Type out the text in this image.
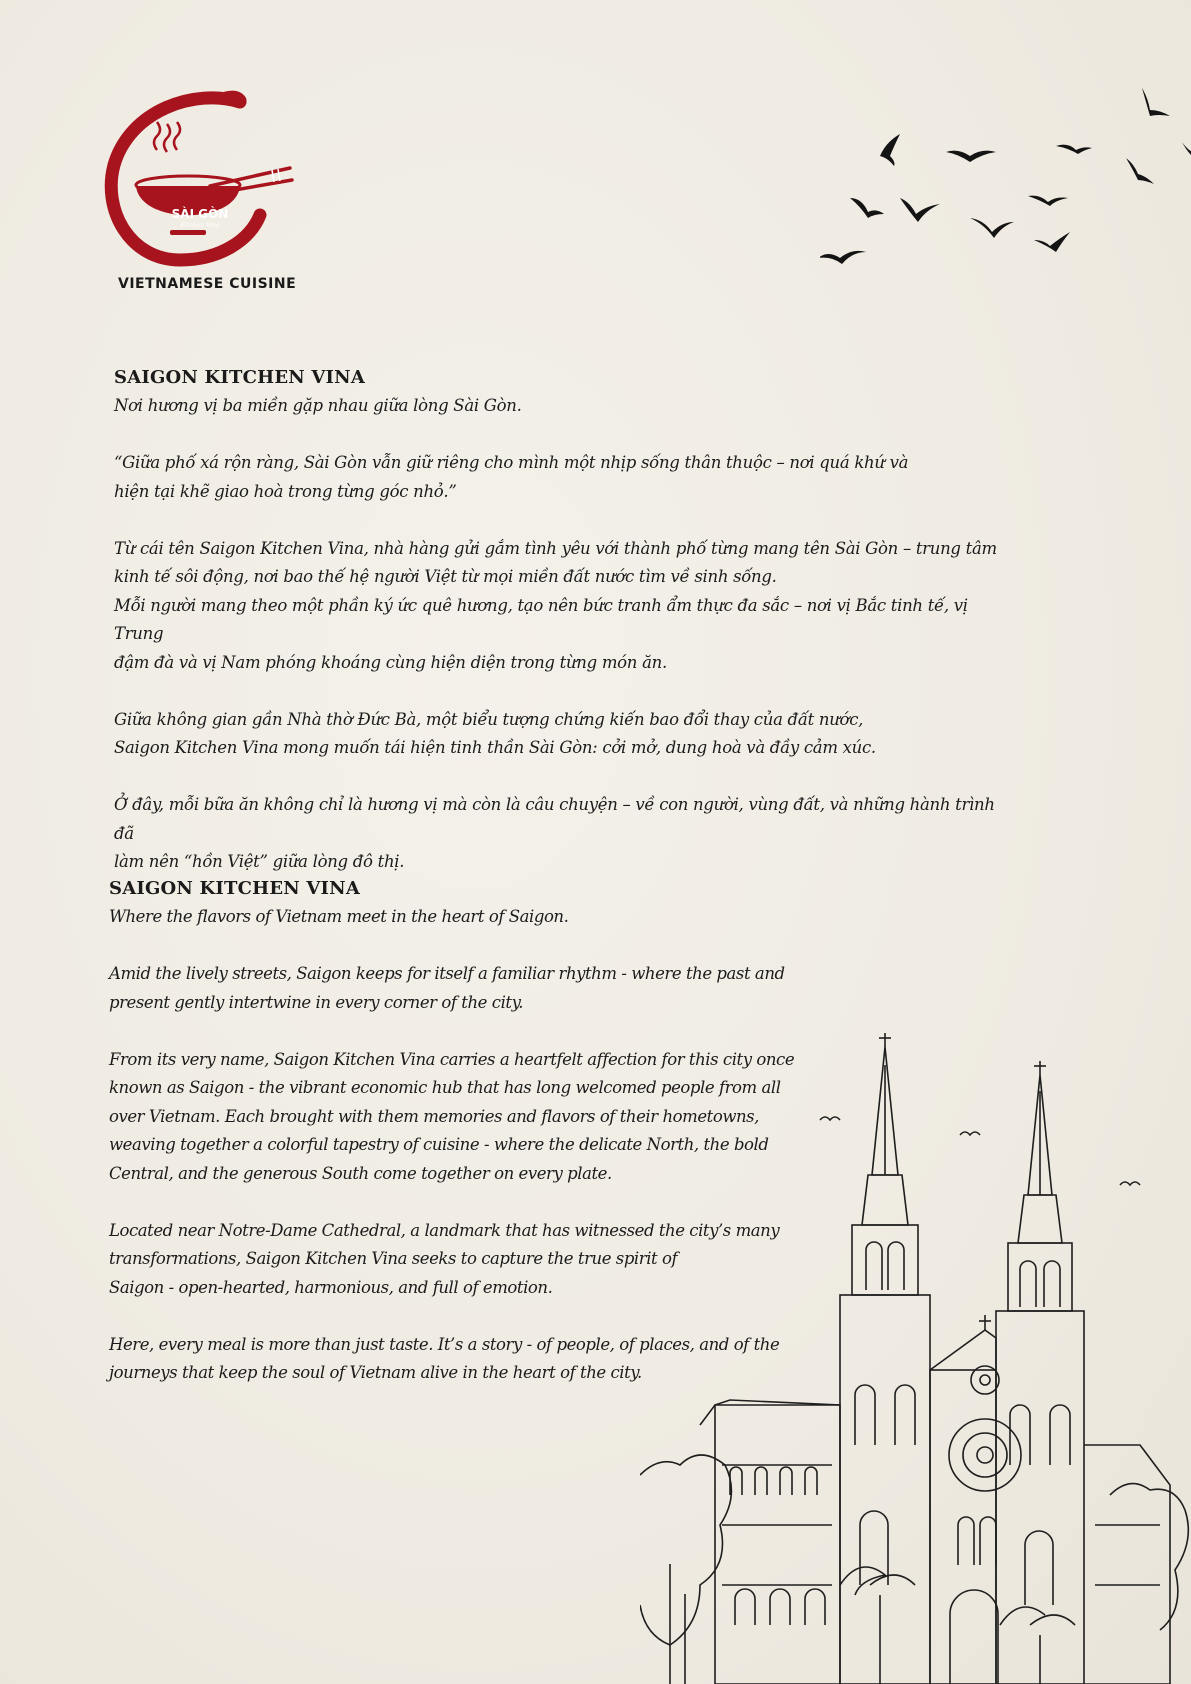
SÀI GÒN
Kitchen Vina
VIETNAMESE CUISINE
SAIGON KITCHEN VINA

Nơi hương vị ba miền gặp nhau giữa lòng Sài Gòn.

“Giữa phố xá rộn ràng, Sài Gòn vẫn giữ riêng cho mình một nhịp sống thân thuộc – nơi quá khứ và
hiện tại khẽ giao hoà trong từng góc nhỏ.”

Từ cái tên Saigon Kitchen Vina, nhà hàng gửi gắm tình yêu với thành phố từng mang tên Sài Gòn – trung tâm
kinh tế sôi động, nơi bao thế hệ người Việt từ mọi miền đất nước tìm về sinh sống.
Mỗi người mang theo một phần ký ức quê hương, tạo nên bức tranh ẩm thực đa sắc – nơi vị Bắc tinh tế, vị Trung
đậm đà và vị Nam phóng khoáng cùng hiện diện trong từng món ăn.

Giữa không gian gần Nhà thờ Đức Bà, một biểu tượng chứng kiến bao đổi thay của đất nước,
Saigon Kitchen Vina mong muốn tái hiện tinh thần Sài Gòn: cởi mở, dung hoà và đầy cảm xúc.

Ở đây, mỗi bữa ăn không chỉ là hương vị mà còn là câu chuyện – về con người, vùng đất, và những hành trình đã
làm nên “hồn Việt” giữa lòng đô thị.

SAIGON KITCHEN VINA

Where the flavors of Vietnam meet in the heart of Saigon.

Amid the lively streets, Saigon keeps for itself a familiar rhythm - where the past and
present gently intertwine in every corner of the city.

From its very name, Saigon Kitchen Vina carries a heartfelt affection for this city once
known as Saigon - the vibrant economic hub that has long welcomed people from all
over Vietnam. Each brought with them memories and flavors of their hometowns,
weaving together a colorful tapestry of cuisine - where the delicate North, the bold
Central, and the generous South come together on every plate.

Located near Notre-Dame Cathedral, a landmark that has witnessed the city’s many
transformations, Saigon Kitchen Vina seeks to capture the true spirit of
Saigon - open-hearted, harmonious, and full of emotion.

Here, every meal is more than just taste. It’s a story - of people, of places, and of the
journeys that keep the soul of Vietnam alive in the heart of the city.
